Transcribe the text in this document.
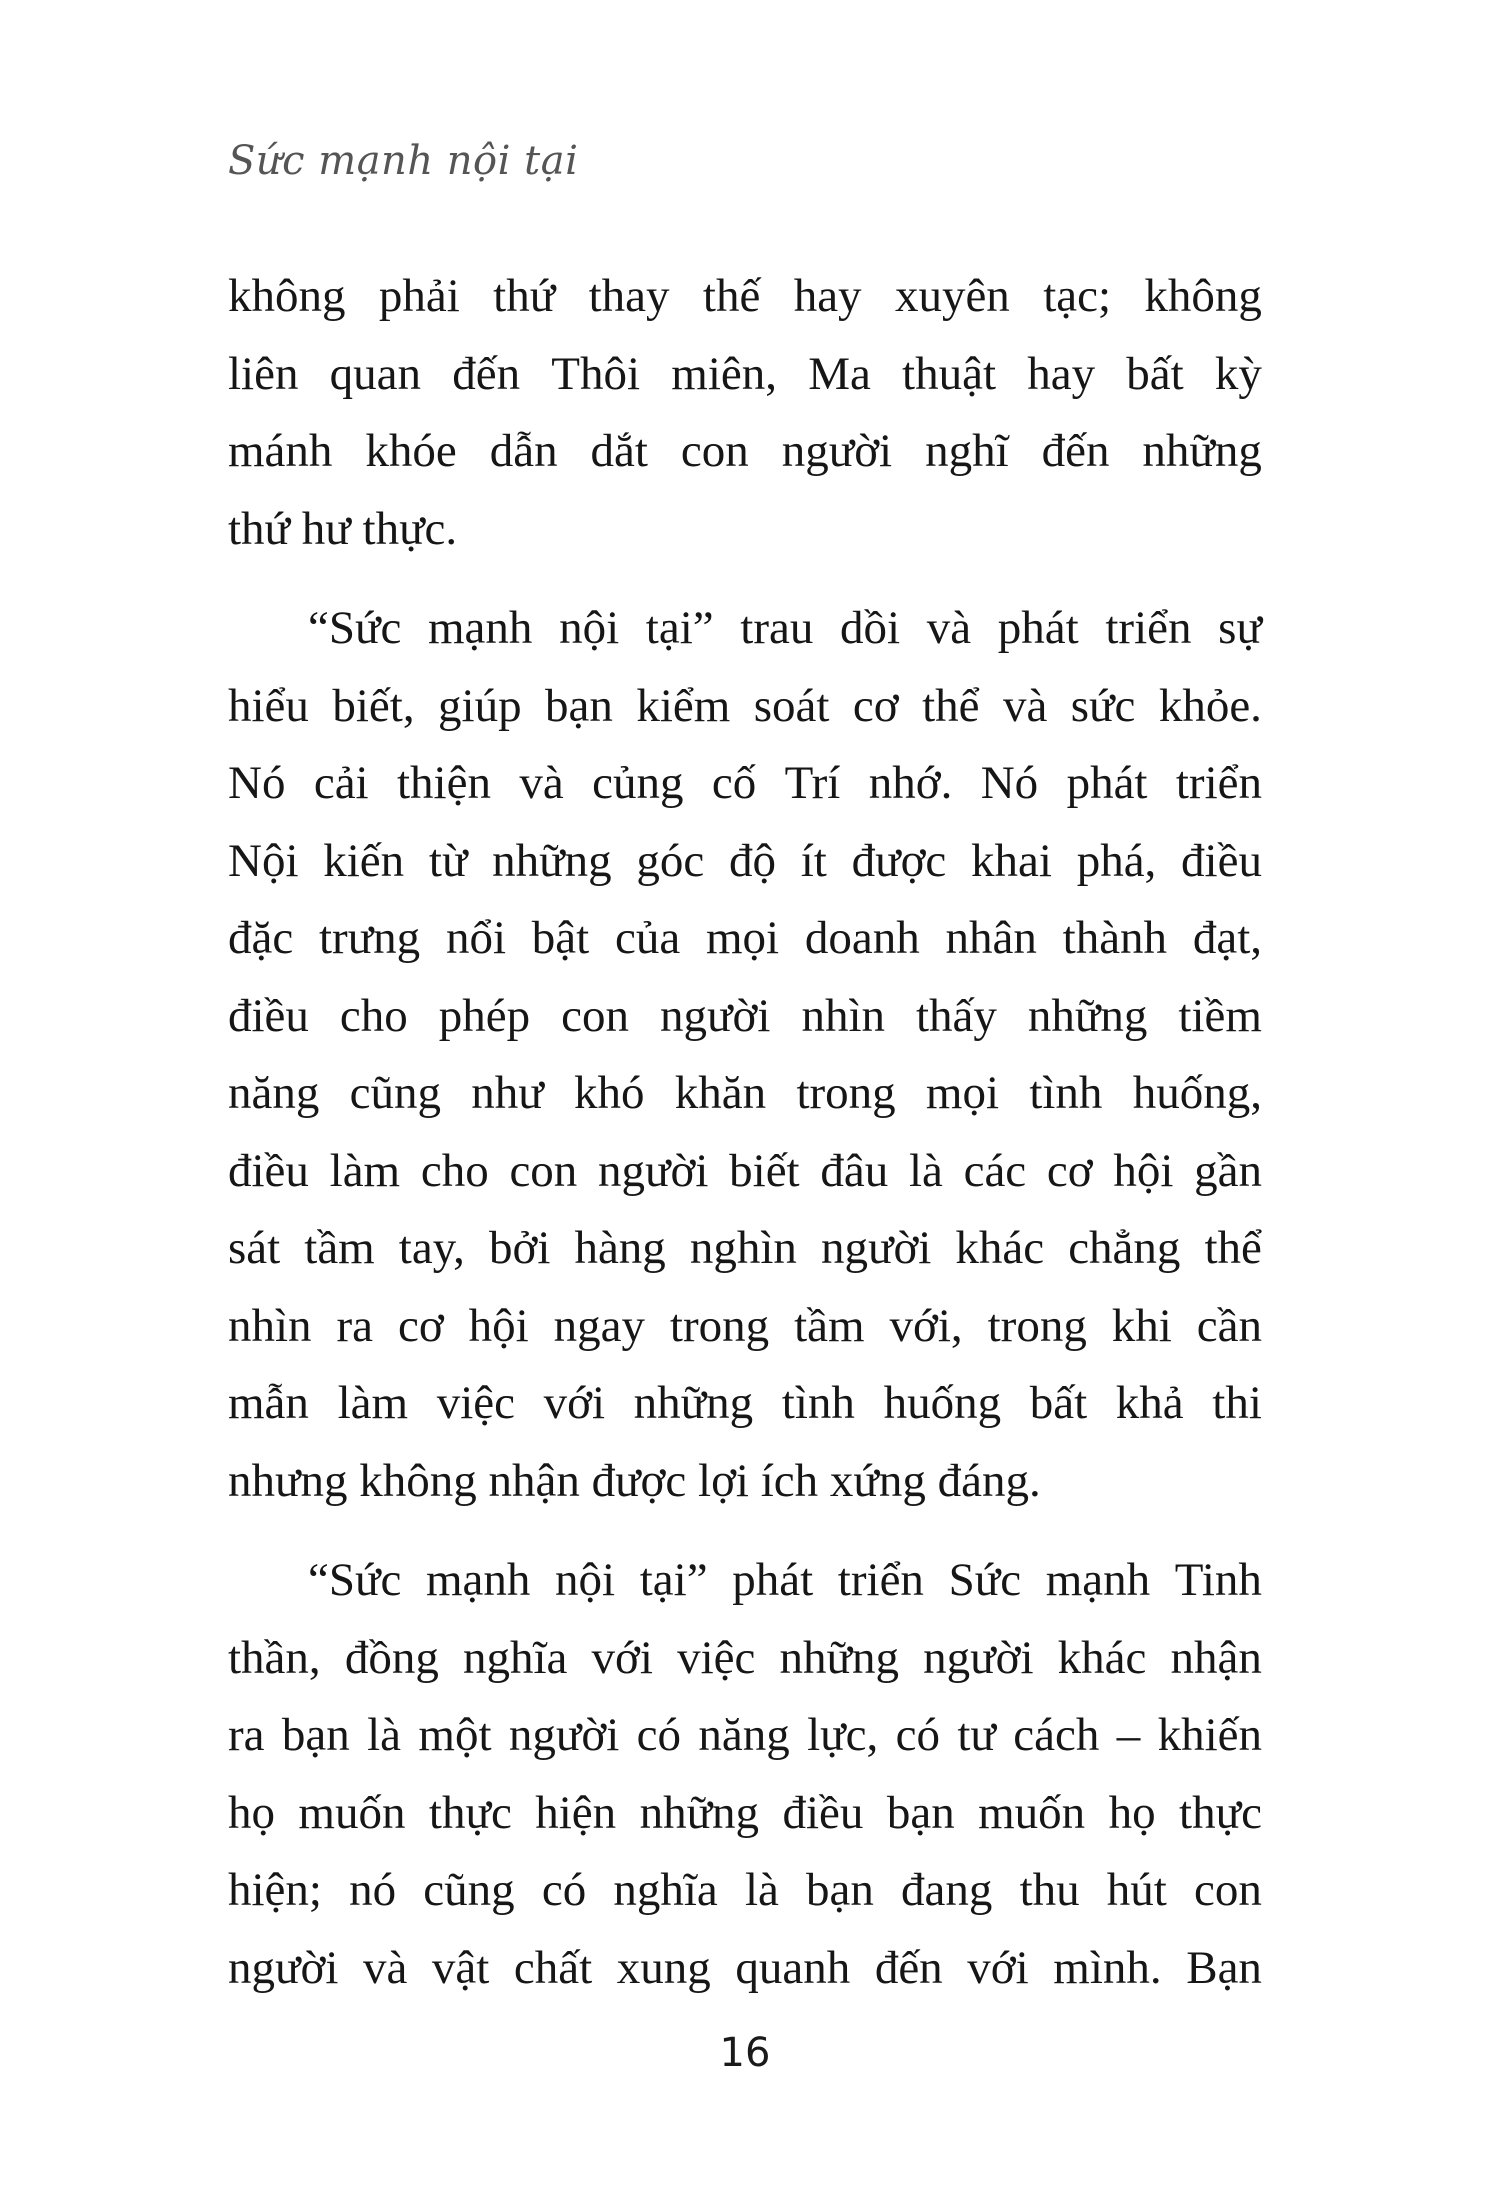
Sức mạnh nội tại

không phải thứ thay thế hay xuyên tạc; không
liên quan đến Thôi miên, Ma thuật hay bất kỳ
mánh khóe dẫn dắt con người nghĩ đến những
thứ hư thực.

“Sức mạnh nội tại” trau dồi và phát triển sự
hiểu biết, giúp bạn kiểm soát cơ thể và sức khỏe.
Nó cải thiện và củng cố Trí nhớ. Nó phát triển
Nội kiến từ những góc độ ít được khai phá, điều
đặc trưng nổi bật của mọi doanh nhân thành đạt,
điều cho phép con người nhìn thấy những tiềm
năng cũng như khó khăn trong mọi tình huống,
điều làm cho con người biết đâu là các cơ hội gần
sát tầm tay, bởi hàng nghìn người khác chẳng thể
nhìn ra cơ hội ngay trong tầm với, trong khi cần
mẫn làm việc với những tình huống bất khả thi
nhưng không nhận được lợi ích xứng đáng.

“Sức mạnh nội tại” phát triển Sức mạnh Tinh
thần, đồng nghĩa với việc những người khác nhận
ra bạn là một người có năng lực, có tư cách – khiến
họ muốn thực hiện những điều bạn muốn họ thực
hiện; nó cũng có nghĩa là bạn đang thu hút con
người và vật chất xung quanh đến với mình. Bạn

16
